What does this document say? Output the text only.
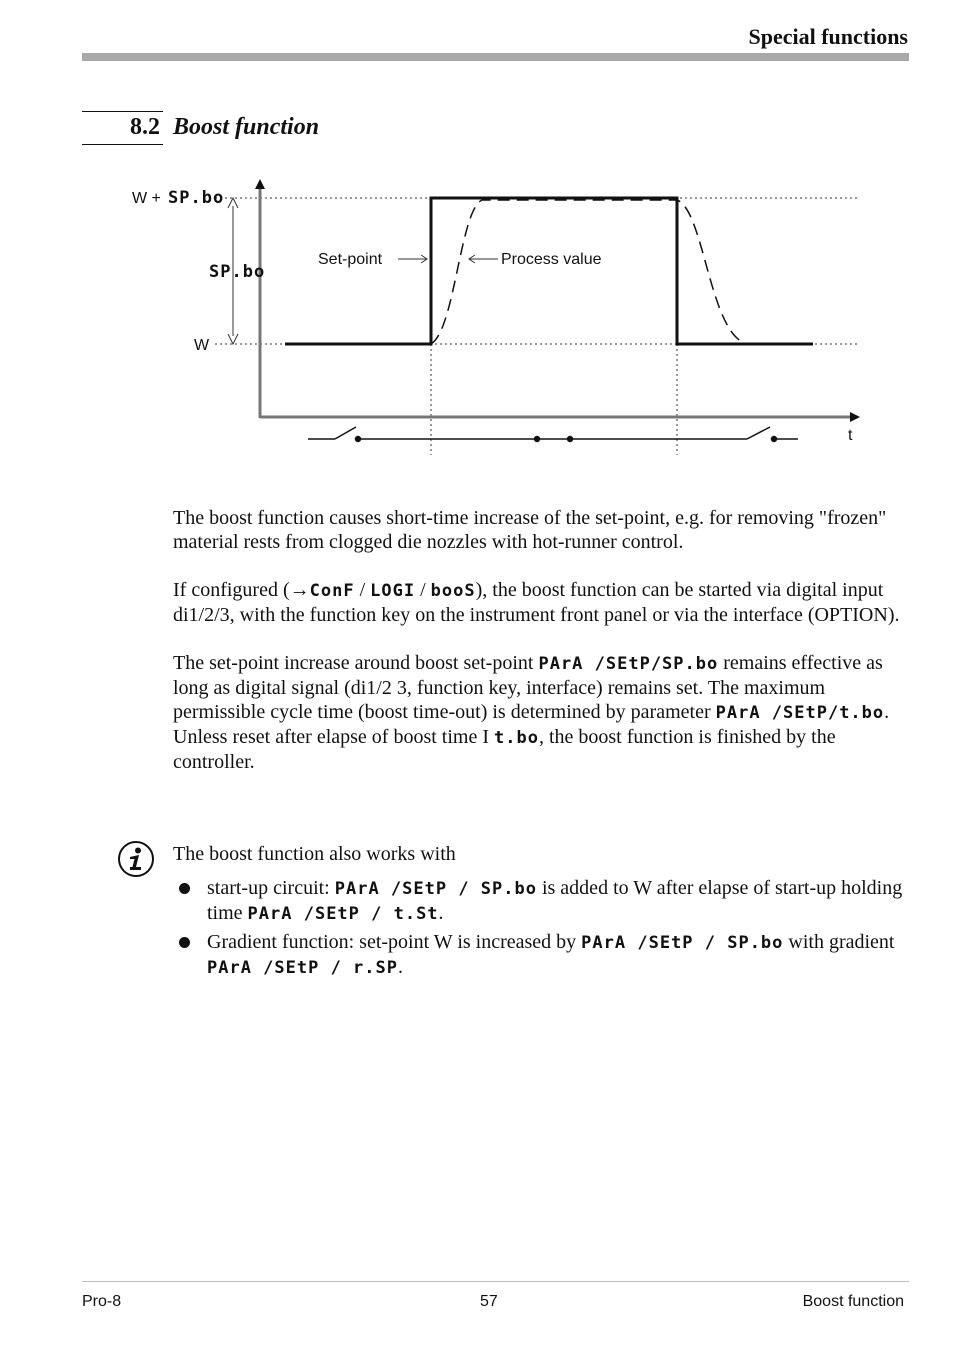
Special functions
8.2 Boost function
W + SP.bo
SP.bo
W
Set-point	Process value
t

The boost function causes short-time increase of the set-point, e.g. for removing "frozen" material rests from clogged die nozzles with hot-runner control.

If configured (→ConF / LOGI / booS), the boost function can be started via digital input di1/2/3, with the function key on the instrument front panel or via the interface (OPTION).

The set-point increase around boost set-point PArA /SEtP/SP.bo remains effective as long as digital signal (di1/2 3, function key, interface) remains set. The maximum permissible cycle time (boost time-out) is determined by parameter PArA /SEtP/t.bo.

Unless reset after elapse of boost time I t.bo, the boost function is finished by the controller.

The boost function also works with
start-up circuit: PArA /SEtP / SP.bo is added to W after elapse of start-up holding time PArA /SEtP / t.St.
Gradient function: set-point W is increased by PArA /SEtP / SP.bo with gradient PArA /SEtP / r.SP.
Pro-8	57	Boost function
